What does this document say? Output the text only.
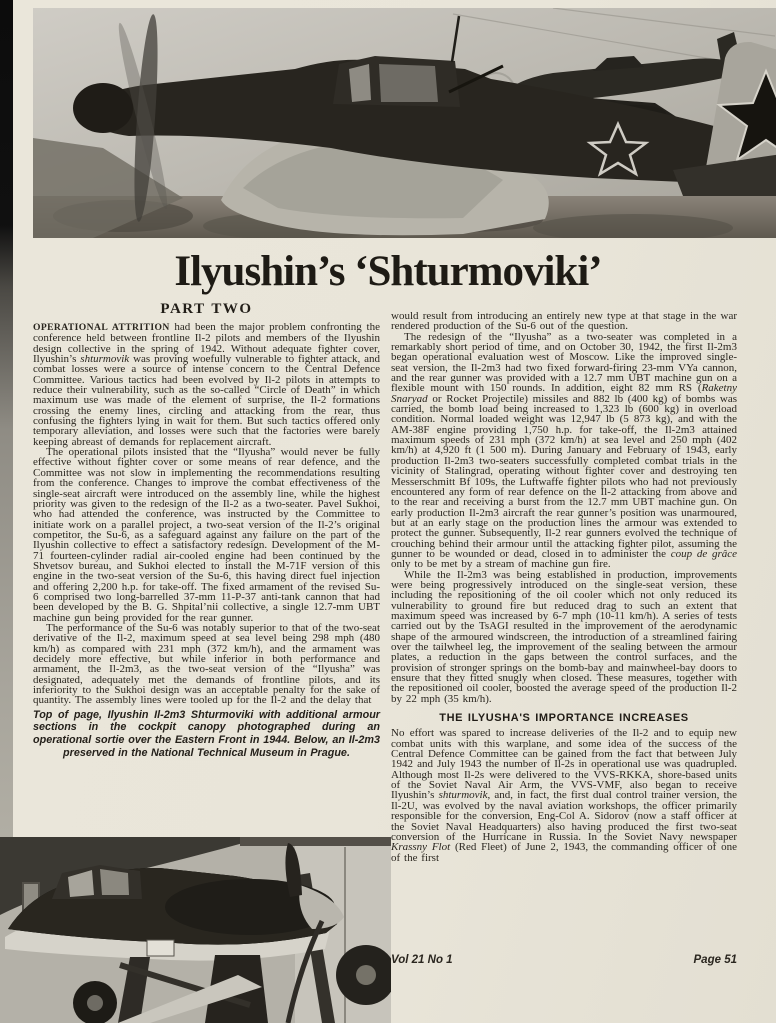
Ilyushin’s ‘Shturmoviki’
PART TWO

OPERATIONAL ATTRITION had been the major problem confronting the conference held between frontline Il-2 pilots and members of the Ilyushin design collective in the spring of 1942. Without adequate fighter cover, Ilyushin’s shturmovik was proving woefully vulnerable to fighter attack, and combat losses were a source of intense concern to the Central Defence Committee. Various tactics had been evolved by Il-2 pilots in attempts to reduce their vulnerability, such as the so-called “Circle of Death” in which maximum use was made of the element of surprise, the Il-2 formations crossing the enemy lines, circling and attacking from the rear, thus confusing the fighters lying in wait for them. But such tactics offered only temporary alleviation, and losses were such that the factories were barely keeping abreast of demands for replacement aircraft.

The operational pilots insisted that the “Ilyusha” would never be fully effective without fighter cover or some means of rear defence, and the Committee was not slow in implementing the recommendations resulting from the conference. Changes to improve the combat effectiveness of the single-seat aircraft were introduced on the assembly line, while the highest priority was given to the redesign of the Il-2 as a two-seater. Pavel Sukhoi, who had attended the conference, was instructed by the Committee to initiate work on a parallel project, a two-seat version of the Il-2’s original competitor, the Su-6, as a safeguard against any failure on the part of the Ilyushin collective to effect a satisfactory redesign. Development of the M-71 fourteen-cylinder radial air-cooled engine had been continued by the Shvetsov bureau, and Sukhoi elected to install the M-71F version of this engine in the two-seat version of the Su-6, this having direct fuel injection and offering 2,200 h.p. for take-off. The fixed armament of the revised Su-6 comprised two long-barrelled 37-mm 11-P-37 anti-tank cannon that had been developed by the B. G. Shpital’nii collective, a single 12.7-mm UBT machine gun being provided for the rear gunner.

The performance of the Su-6 was notably superior to that of the two-seat derivative of the Il-2, maximum speed at sea level being 298 mph (480 km/h) as compared with 231 mph (372 km/h), and the armament was decidely more effective, but while inferior in both performance and armament, the Il-2m3, as the two-seat version of the “Ilyusha” was designated, adequately met the demands of frontline pilots, and its inferiority to the Sukhoi design was an acceptable penalty for the sake of quantity. The assembly lines were tooled up for the Il-2 and the delay that

Top of page, Ilyushin Il-2m3 Shturmoviki with additional armour sections in the cockpit canopy photographed during an operational sortie over the Eastern Front in 1944. Below, an Il-2m3 preserved in the National Technical Museum in Prague.

would result from introducing an entirely new type at that stage in the war rendered production of the Su-6 out of the question.

The redesign of the “Ilyusha” as a two-seater was completed in a remarkably short period of time, and on October 30, 1942, the first Il-2m3 began operational evaluation west of Moscow. Like the improved single-seat version, the Il-2m3 had two fixed forward-firing 23-mm VYa cannon, and the rear gunner was provided with a 12.7 mm UBT machine gun on a flexible mount with 150 rounds. In addition, eight 82 mm RS (Raketny Snaryad or Rocket Projectile) missiles and 882 lb (400 kg) of bombs was carried, the bomb load being increased to 1,323 lb (600 kg) in overload condition. Normal loaded weight was 12,947 lb (5 873 kg), and with the AM-38F engine providing 1,750 h.p. for take-off, the Il-2m3 attained maximum speeds of 231 mph (372 km/h) at sea level and 250 mph (402 km/h) at 4,920 ft (1 500 m). During January and February of 1943, early production Il-2m3 two-seaters successfully completed combat trials in the vicinity of Stalingrad, operating without fighter cover and destroying ten Messerschmitt Bf 109s, the Luftwaffe fighter pilots who had not previously encountered any form of rear defence on the Il-2 attacking from above and to the rear and receiving a burst from the 12.7 mm UBT machine gun. On early production Il-2m3 aircraft the rear gunner’s position was unarmoured, but at an early stage on the production lines the armour was extended to protect the gunner. Subsequently, Il-2 rear gunners evolved the technique of crouching behind their armour until the attacking fighter pilot, assuming the gunner to be wounded or dead, closed in to administer the coup de grâce only to be met by a stream of machine gun fire.

While the Il-2m3 was being established in production, improvements were being progressively introduced on the single-seat version, these including the repositioning of the oil cooler which not only reduced its vulnerability to ground fire but reduced drag to such an extent that maximum speed was increased by 6-7 mph (10-11 km/h). A series of tests carried out by the TsAGI resulted in the improvement of the aerodynamic shape of the armoured windscreen, the introduction of a streamlined fairing over the tailwheel leg, the improvement of the sealing between the armour plates, a reduction in the gaps between the control surfaces, and the provision of stronger springs on the bomb-bay and mainwheel-bay doors to ensure that they fitted snugly when closed. These measures, together with the repositioned oil cooler, boosted the average speed of the production Il-2 by 22 mph (35 km/h).

THE ILYUSHA'S IMPORTANCE INCREASES

No effort was spared to increase deliveries of the Il-2 and to equip new combat units with this warplane, and some idea of the success of the Central Defence Committee can be gained from the fact that between July 1942 and July 1943 the number of Il-2s in operational use was quadrupled. Although most Il-2s were delivered to the VVS-RKKA, shore-based units of the Soviet Naval Air Arm, the VVS-VMF, also began to receive Ilyushin’s shturmovik, and, in fact, the first dual control trainer version, the Il-2U, was evolved by the naval aviation workshops, the officer primarily responsible for the conversion, Eng-Col A. Sidorov (now a staff officer at the Soviet Naval Headquarters) also having produced the first two-seat conversion of the Hurricane in Russia. In the Soviet Navy newspaper Krassny Flot (Red Fleet) of June 2, 1943, the commanding officer of one of the first

Vol 21 No 1	Page 51
